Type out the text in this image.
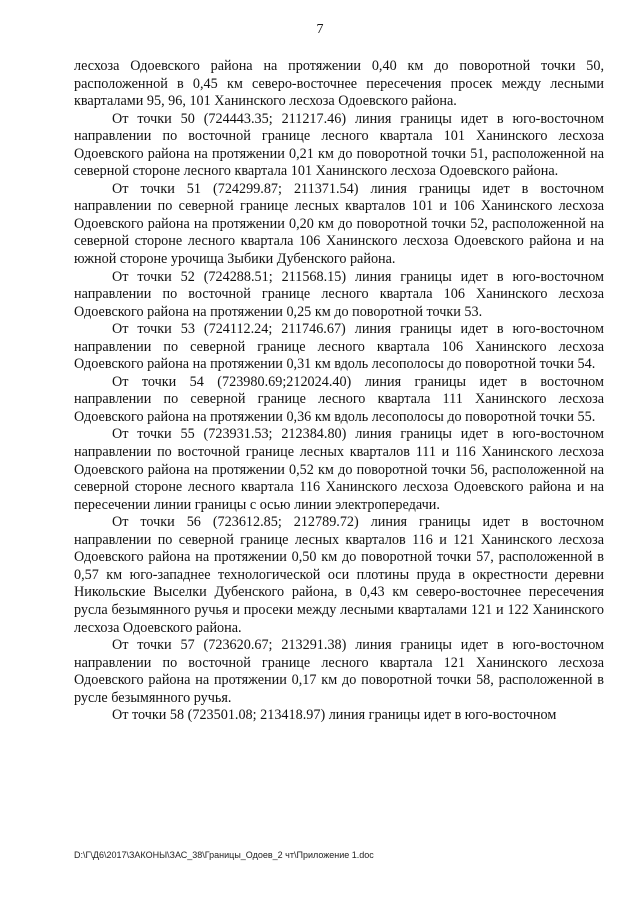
7

лесхоза Одоевского района на протяжении 0,40 км до поворотной точки 50, расположенной в 0,45 км северо-восточнее пересечения просек между лесными кварталами 95, 96, 101 Ханинского лесхоза Одоевского района.

От точки 50 (724443.35; 211217.46) линия границы идет в юго-восточном направлении по восточной границе лесного квартала 101 Ханинского лесхоза Одоевского района на протяжении 0,21 км до поворотной точки 51, расположенной на северной стороне лесного квартала 101 Ханинского лесхоза Одоевского района.

От точки 51 (724299.87; 211371.54) линия границы идет в восточном направлении по северной границе лесных кварталов 101 и 106 Ханинского лесхоза Одоевского района на протяжении 0,20 км до поворотной точки 52, расположенной на северной стороне лесного квартала 106 Ханинского лесхоза Одоевского района и на южной стороне урочища Зыбики Дубенского района.

От точки 52 (724288.51; 211568.15) линия границы идет в юго-восточном направлении по восточной границе лесного квартала 106 Ханинского лесхоза Одоевского района на протяжении 0,25 км до поворотной точки 53.

От точки 53 (724112.24; 211746.67) линия границы идет в юго-восточном направлении по северной границе лесного квартала 106 Ханинского лесхоза Одоевского района на протяжении 0,31 км вдоль лесополосы до поворотной точки 54.

От точки 54 (723980.69;212024.40) линия границы идет в восточном направлении по северной границе лесного квартала 111 Ханинского лесхоза Одоевского района на протяжении 0,36 км вдоль лесополосы до поворотной точки 55.

От точки 55 (723931.53; 212384.80) линия границы идет в юго-восточном направлении по восточной границе лесных кварталов 111 и 116 Ханинского лесхоза Одоевского района на протяжении 0,52 км до поворотной точки 56, расположенной на северной стороне лесного квартала 116 Ханинского лесхоза Одоевского района и на пересечении линии границы с осью линии электропередачи.

От точки 56 (723612.85; 212789.72) линия границы идет в восточном направлении по северной границе лесных кварталов 116 и 121 Ханинского лесхоза Одоевского района на протяжении 0,50 км до поворотной точки 57, расположенной в 0,57 км юго-западнее технологической оси плотины пруда в окрестности деревни Никольские Выселки Дубенского района, в 0,43 км северо-восточнее пересечения русла безымянного ручья и просеки между лесными кварталами 121 и 122 Ханинского лесхоза Одоевского района.

От точки 57 (723620.67; 213291.38) линия границы идет в юго-восточном направлении по восточной границе лесного квартала 121 Ханинского лесхоза Одоевского района на протяжении 0,17 км до поворотной точки 58, расположенной в русле безымянного ручья.

От точки 58 (723501.08; 213418.97) линия границы идет в юго-восточном

D:\Г\Д6\2017\ЗАКОНЫ\ЗАС_38\Границы_Одоев_2 чт\Приложение 1.doc
